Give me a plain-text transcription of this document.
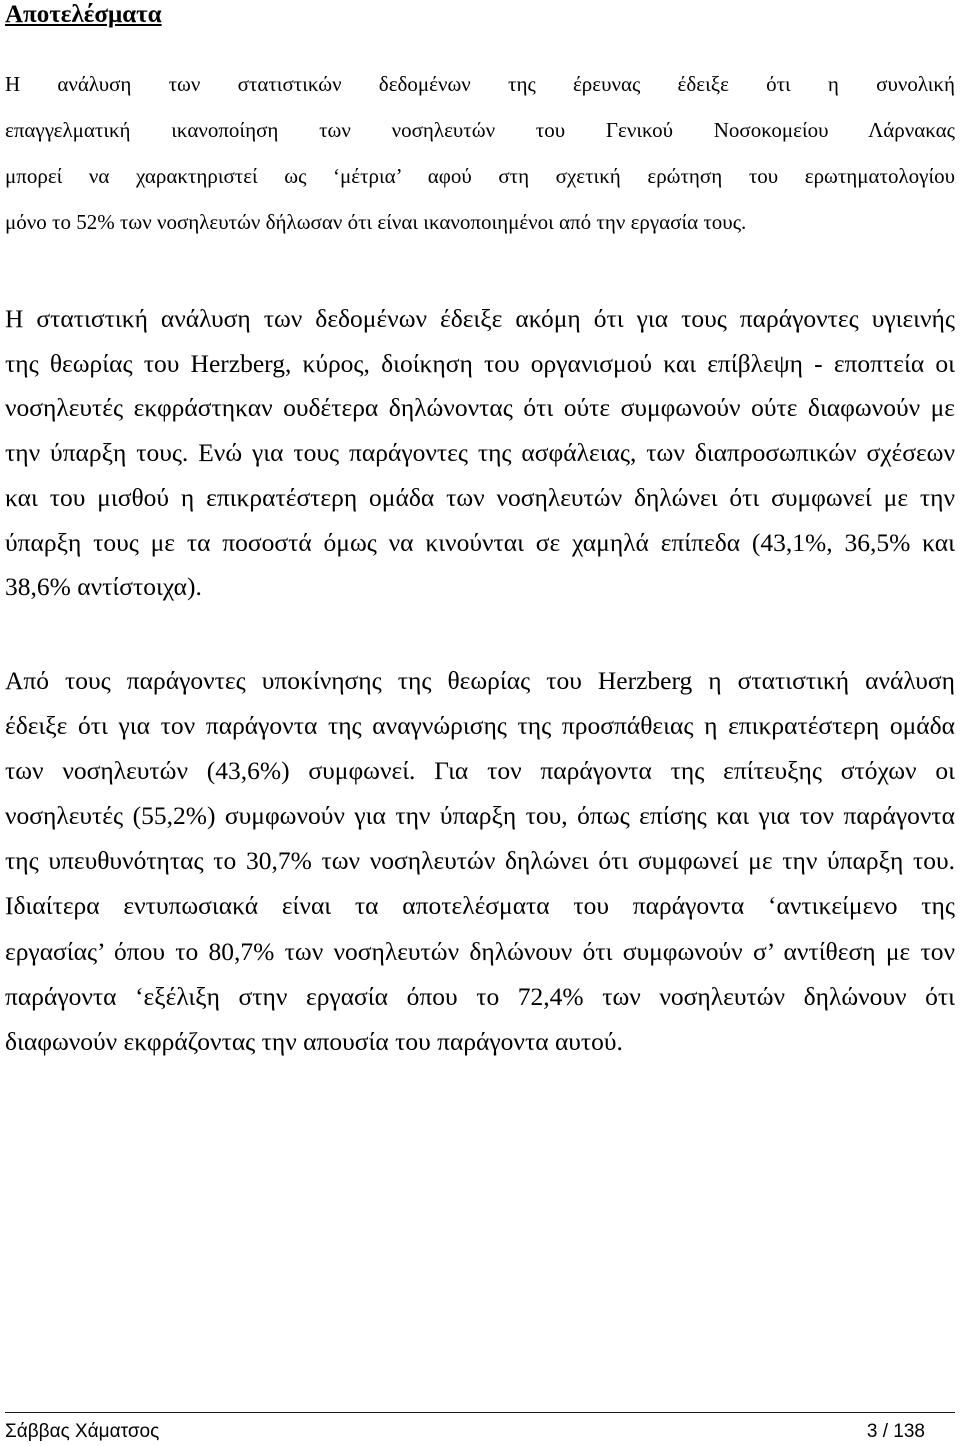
Αποτελέσματα
Η ανάλυση των στατιστικών δεδομένων της έρευνας έδειξε ότι η συνολική
επαγγελματική ικανοποίηση των νοσηλευτών του Γενικού Νοσοκομείου Λάρνακας
μπορεί να χαρακτηριστεί ως ‘μέτρια’ αφού στη σχετική ερώτηση του ερωτηματολογίου
μόνο το 52% των νοσηλευτών δήλωσαν ότι είναι ικανοποιημένοι από την εργασία τους.
Η στατιστική ανάλυση των δεδομένων έδειξε ακόμη ότι για τους παράγοντες υγιεινής
της θεωρίας του Herzberg, κύρος, διοίκηση του οργανισμού και επίβλεψη - εποπτεία οι
νοσηλευτές εκφράστηκαν ουδέτερα δηλώνοντας ότι ούτε συμφωνούν ούτε διαφωνούν με
την ύπαρξη τους. Ενώ για τους παράγοντες της ασφάλειας, των διαπροσωπικών σχέσεων
και του μισθού η επικρατέστερη ομάδα των νοσηλευτών δηλώνει ότι συμφωνεί με την
ύπαρξη τους με τα ποσοστά όμως να κινούνται σε χαμηλά επίπεδα (43,1%, 36,5% και
38,6% αντίστοιχα).
Από τους παράγοντες υποκίνησης της θεωρίας του Herzberg η στατιστική ανάλυση
έδειξε ότι για τον παράγοντα της αναγνώρισης της προσπάθειας η επικρατέστερη ομάδα
των νοσηλευτών (43,6%) συμφωνεί. Για τον παράγοντα της επίτευξης στόχων οι
νοσηλευτές (55,2%) συμφωνούν για την ύπαρξη του, όπως επίσης και για τον παράγοντα
της υπευθυνότητας το 30,7% των νοσηλευτών δηλώνει ότι συμφωνεί με την ύπαρξη του.
Ιδιαίτερα εντυπωσιακά είναι τα αποτελέσματα του παράγοντα ‘αντικείμενο της
εργασίας’ όπου το 80,7% των νοσηλευτών δηλώνουν ότι συμφωνούν σ’ αντίθεση με τον
παράγοντα ‘εξέλιξη στην εργασία όπου το 72,4% των νοσηλευτών δηλώνουν ότι
διαφωνούν εκφράζοντας την απουσία του παράγοντα αυτού.
Σάββας Χάματσος	3 / 138
